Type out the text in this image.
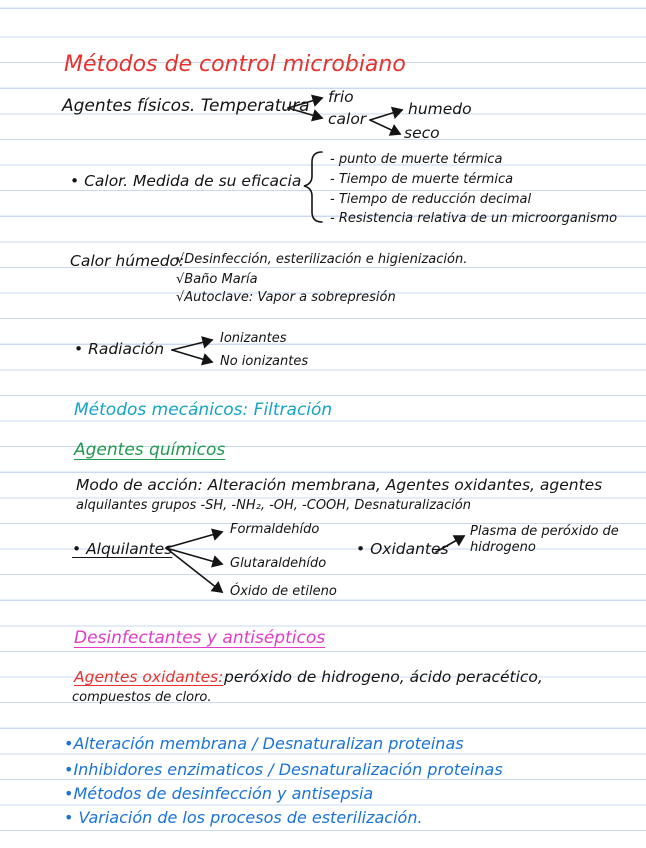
Métodos de control microbiano
Agentes físicos. Temperatura frio
calor
humedo
seco
• Calor. Medida de su eficacia
- punto de muerte térmica
- Tiempo de muerte térmica
- Tiempo de reducción decimal
- Resistencia relativa de un microorganismo
Calor húmedo:
√Desinfección, esterilización e higienización.
√Baño María
√Autoclave: Vapor a sobrepresión
• Radiación
Ionizantes
No ionizantes
Métodos mecánicos: Filtración
Agentes químicos
Modo de acción: Alteración membrana, Agentes oxidantes, agentes
alquilantes grupos -SH, -NH₂, -OH, -COOH, Desnaturalización
• Alquilantes
Formaldehído
Glutaraldehído
Óxido de etileno
• Oxidantes
Plasma de peróxido de
hidrogeno
Desinfectantes y antisépticos
Agentes oxidantes: peróxido de hidrogeno, ácido peracético,
compuestos de cloro.
•Alteración membrana / Desnaturalizan proteinas
•Inhibidores enzimaticos / Desnaturalización proteinas
•Métodos de desinfección y antisepsia
• Variación de los procesos de esterilización.
